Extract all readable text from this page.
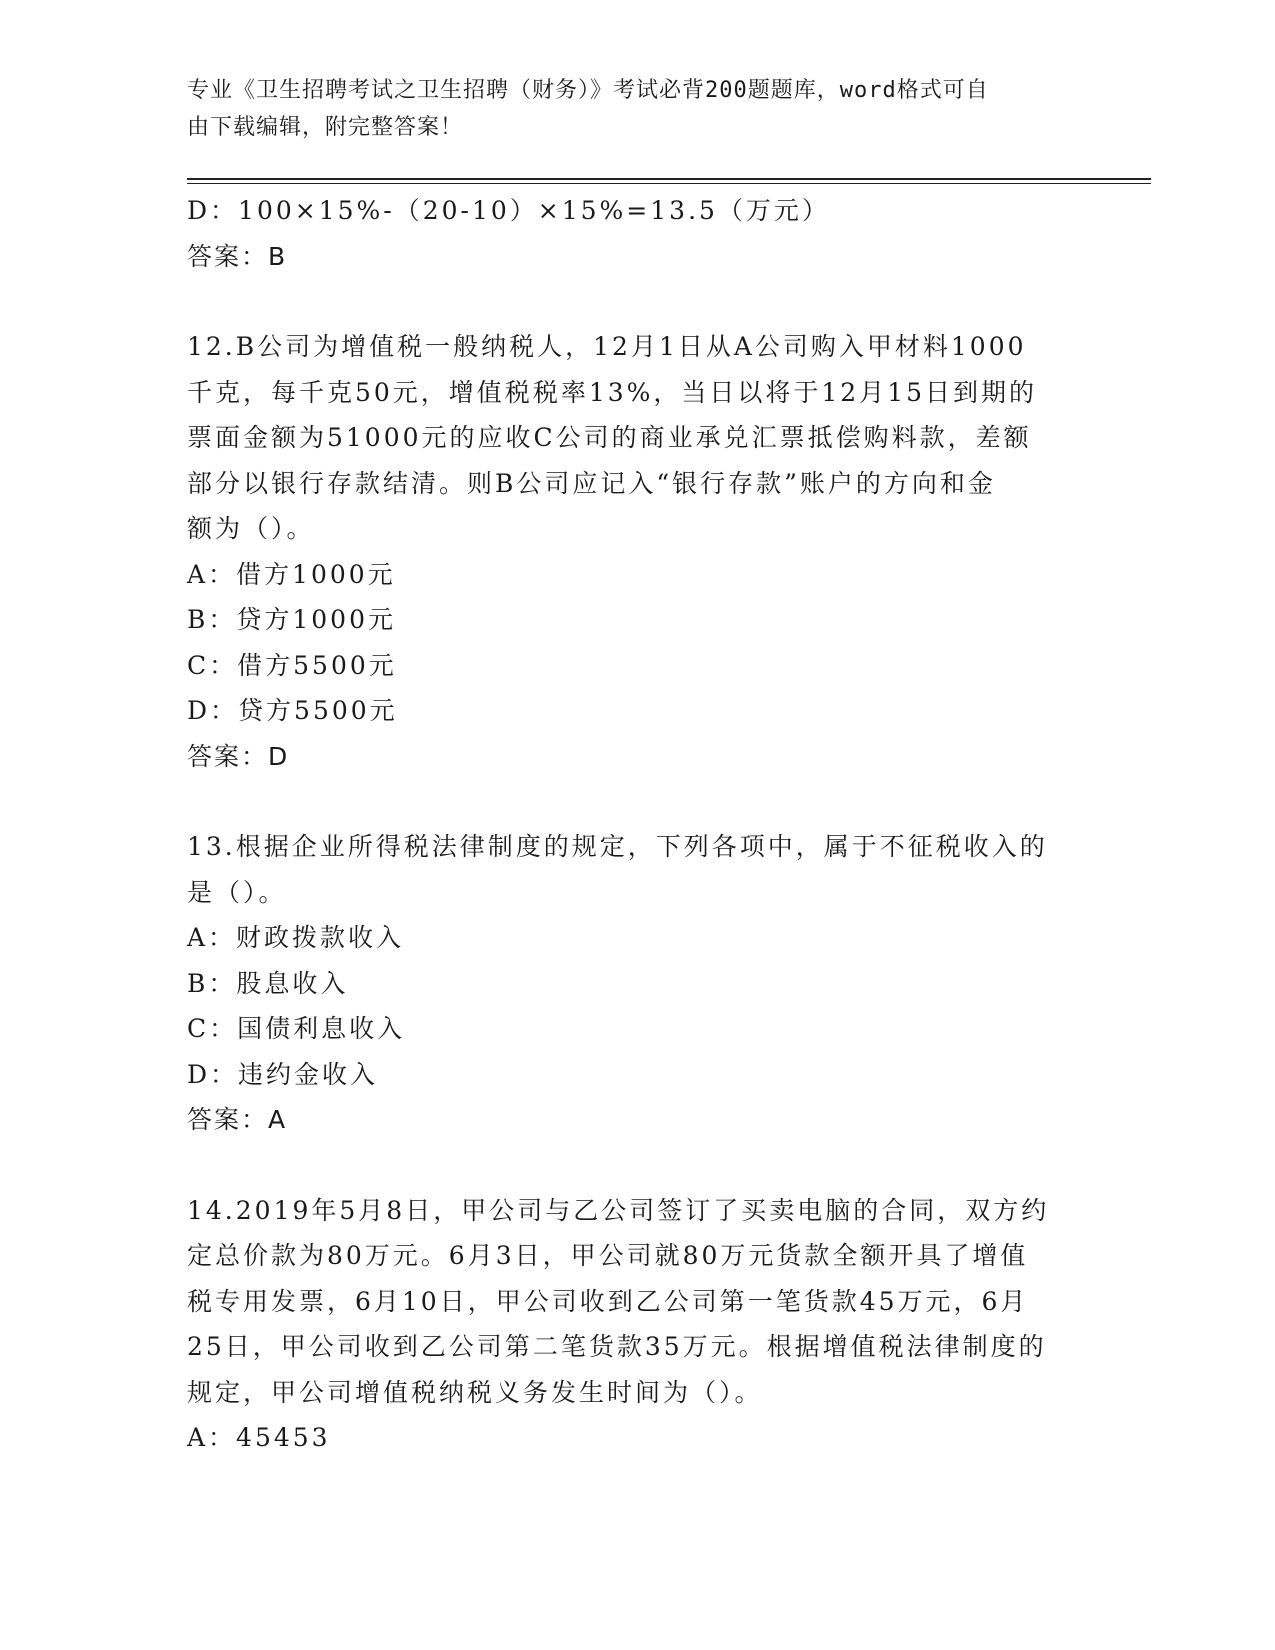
专业《卫生招聘考试之卫生招聘（财务）》考试必背200题题库，word格式可自
由下载编辑，附完整答案！
D：100×15%-（20-10）×15%=13.5（万元）
答案：B
12.B公司为增值税一般纳税人，12月1日从A公司购入甲材料1000
千克，每千克50元，增值税税率13%，当日以将于12月15日到期的
票面金额为51000元的应收C公司的商业承兑汇票抵偿购料款，差额
部分以银行存款结清。则B公司应记入“银行存款”账户的方向和金
额为（）。
A：借方1000元
B：贷方1000元
C：借方5500元
D：贷方5500元
答案：D
13.根据企业所得税法律制度的规定，下列各项中，属于不征税收入的
是（）。
A：财政拨款收入
B：股息收入
C：国债利息收入
D：违约金收入
答案：A
14.2019年5月8日，甲公司与乙公司签订了买卖电脑的合同，双方约
定总价款为80万元。6月3日，甲公司就80万元货款全额开具了增值
税专用发票，6月10日，甲公司收到乙公司第一笔货款45万元，6月
25日，甲公司收到乙公司第二笔货款35万元。根据增值税法律制度的
规定，甲公司增值税纳税义务发生时间为（）。
A：45453
